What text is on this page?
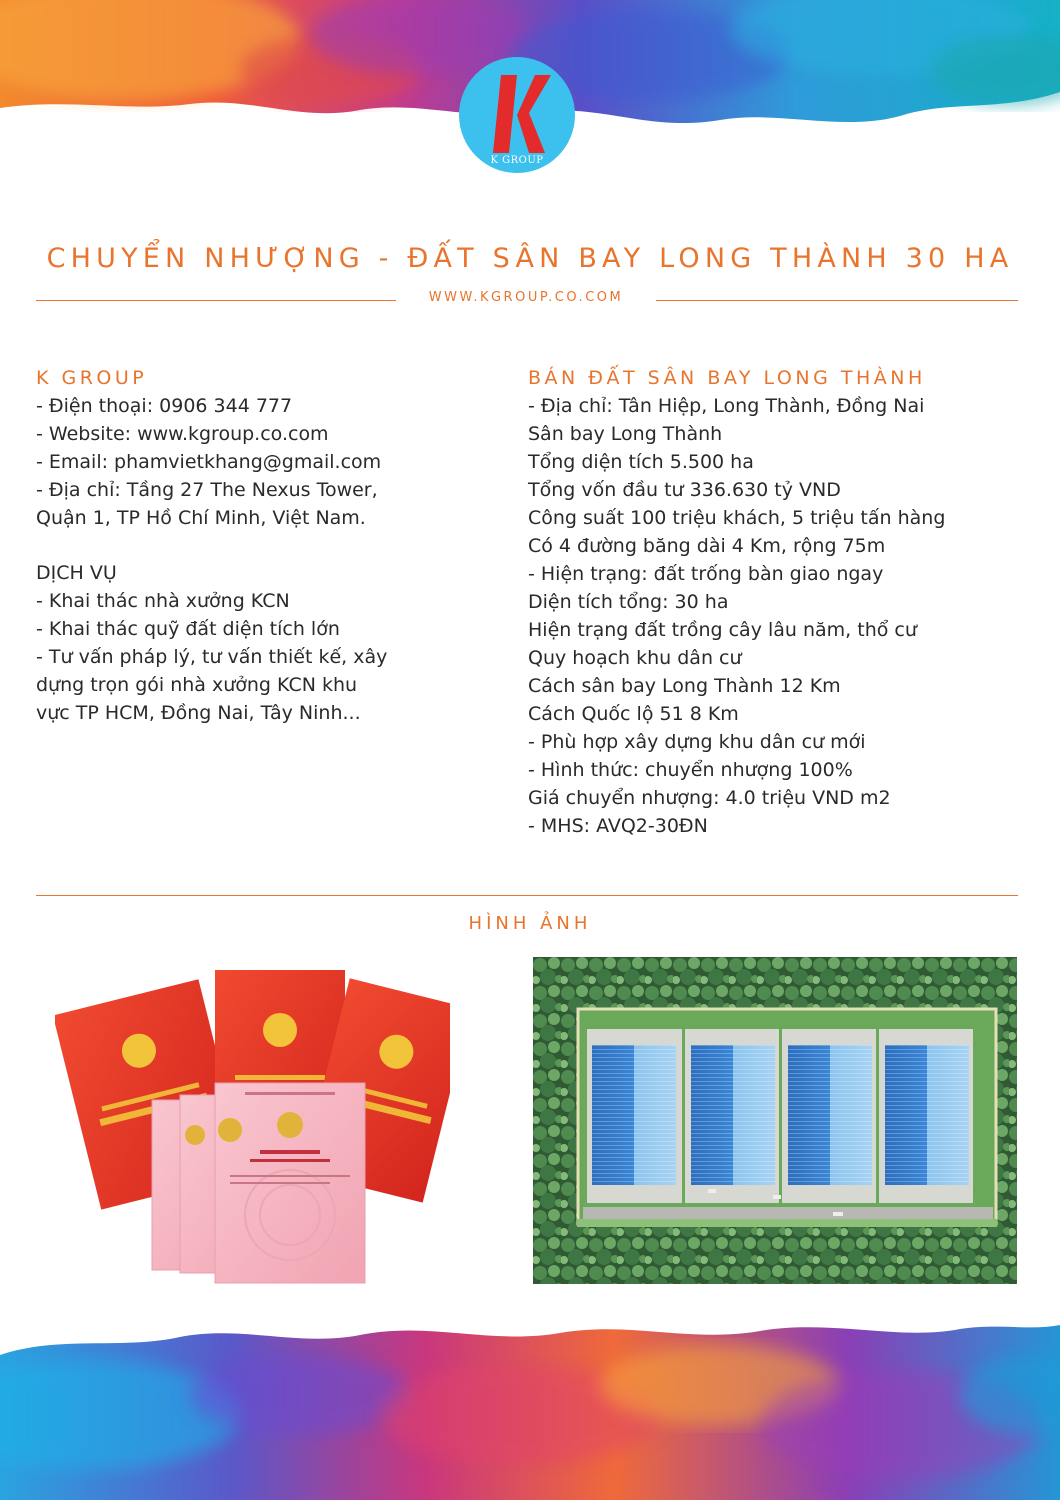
K GROUP
CHUYỂN NHƯỢNG - ĐẤT SÂN BAY LONG THÀNH 30 HA
WWW.KGROUP.CO.COM
K GROUP
- Điện thoại: 0906 344 777
- Website: www.kgroup.co.com
- Email: phamvietkhang@gmail.com
- Địa chỉ: Tầng 27 The Nexus Tower,
Quận 1, TP Hồ Chí Minh, Việt Nam.
DỊCH VỤ
- Khai thác nhà xưởng KCN
- Khai thác quỹ đất diện tích lớn
- Tư vấn pháp lý, tư vấn thiết kế, xây
dựng trọn gói nhà xưởng KCN khu
vực TP HCM, Đồng Nai, Tây Ninh...
BÁN ĐẤT SÂN BAY LONG THÀNH
- Địa chỉ: Tân Hiệp, Long Thành, Đồng Nai
Sân bay Long Thành
Tổng diện tích 5.500 ha
Tổng vốn đầu tư 336.630 tỷ VND
Công suất 100 triệu khách, 5 triệu tấn hàng
Có 4 đường băng dài 4 Km, rộng 75m
- Hiện trạng: đất trống bàn giao ngay
Diện tích tổng: 30 ha
Hiện trạng đất trồng cây lâu năm, thổ cư
Quy hoạch khu dân cư
Cách sân bay Long Thành 12 Km
Cách Quốc lộ 51 8 Km
- Phù hợp xây dựng khu dân cư mới
- Hình thức: chuyển nhượng 100%
Giá chuyển nhượng: 4.0 triệu VND m2
- MHS: AVQ2-30ĐN
HÌNH ẢNH
